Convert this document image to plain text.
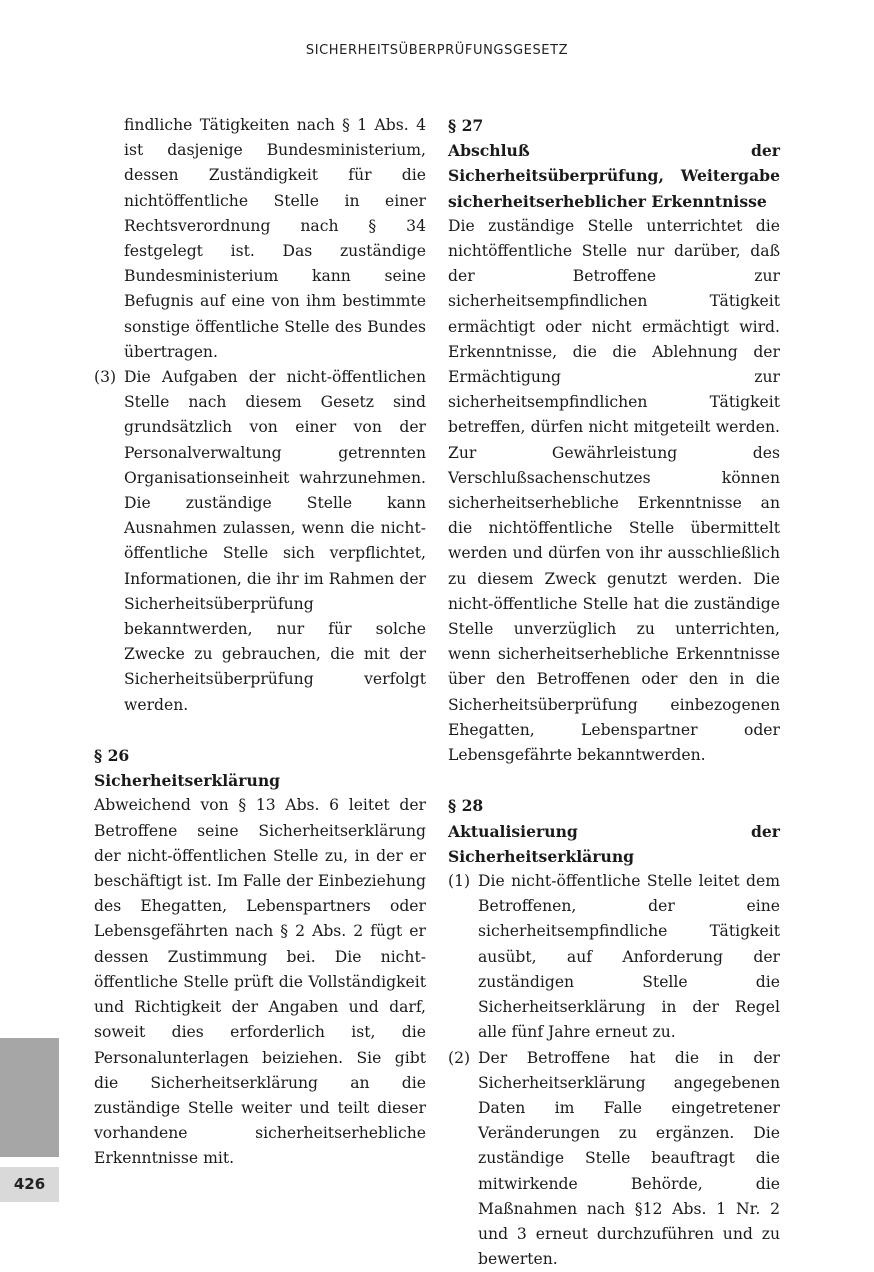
SICHERHEITSÜBERPRÜFUNGSGESETZ

findliche Tätigkeiten nach § 1 Abs. 4 ist dasjenige Bundesministerium, dessen Zuständigkeit für die nichtöffentliche Stelle in einer Rechtsverordnung nach § 34 festgelegt ist. Das zuständige Bundesministerium kann seine Befugnis auf eine von ihm bestimmte sonstige öffentliche Stelle des Bundes übertragen.

(3) Die Aufgaben der nicht-öffentlichen Stelle nach diesem Gesetz sind grundsätzlich von einer von der Personalverwaltung getrennten Organisationseinheit wahrzunehmen. Die zuständige Stelle kann Ausnahmen zulassen, wenn die nicht-öffentliche Stelle sich verpflichtet, Informationen, die ihr im Rahmen der Sicherheitsüberprüfung bekanntwerden, nur für solche Zwecke zu gebrauchen, die mit der Sicherheitsüberprüfung verfolgt werden.

§ 26

Sicherheitserklärung

Abweichend von § 13 Abs. 6 leitet der Betroffene seine Sicherheitserklärung der nicht-öffentlichen Stelle zu, in der er beschäftigt ist. Im Falle der Einbeziehung des Ehegatten, Lebenspartners oder Lebensgefährten nach § 2 Abs. 2 fügt er dessen Zustimmung bei. Die nicht-öffentliche Stelle prüft die Vollständigkeit und Richtigkeit der Angaben und darf, soweit dies erforderlich ist, die Personalunterlagen beiziehen. Sie gibt die Sicherheitserklärung an die zuständige Stelle weiter und teilt dieser vorhandene sicherheitserhebliche Erkenntnisse mit.

§ 27

Abschluß der Sicherheitsüberprüfung, Weitergabe sicherheitserheblicher Erkenntnisse

Die zuständige Stelle unterrichtet die nichtöffentliche Stelle nur darüber, daß der Betroffene zur sicherheitsempfindlichen Tätigkeit ermächtigt oder nicht ermächtigt wird. Erkenntnisse, die die Ablehnung der Ermächtigung zur sicherheitsempfindlichen Tätigkeit betreffen, dürfen nicht mitgeteilt werden. Zur Gewährleistung des Verschlußsachenschutzes können sicherheitserhebliche Erkenntnisse an die nichtöffentliche Stelle übermittelt werden und dürfen von ihr ausschließlich zu diesem Zweck genutzt werden. Die nicht-öffentliche Stelle hat die zuständige Stelle unverzüglich zu unterrichten, wenn sicherheitserhebliche Erkenntnisse über den Betroffenen oder den in die Sicherheitsüberprüfung einbezogenen Ehegatten, Lebenspartner oder Lebensgefährte bekanntwerden.

§ 28

Aktualisierung der Sicherheitserklärung

(1) Die nicht-öffentliche Stelle leitet dem Betroffenen, der eine sicherheitsempfindliche Tätigkeit ausübt, auf Anforderung der zuständigen Stelle die Sicherheitserklärung in der Regel alle fünf Jahre erneut zu.
(2) Der Betroffene hat die in der Sicherheitserklärung angegebenen Daten im Falle eingetretener Veränderungen zu ergänzen. Die zuständige Stelle beauftragt die mitwirkende Behörde, die Maßnahmen nach §12 Abs. 1 Nr. 2 und 3 erneut durchzuführen und zu bewerten.
426
